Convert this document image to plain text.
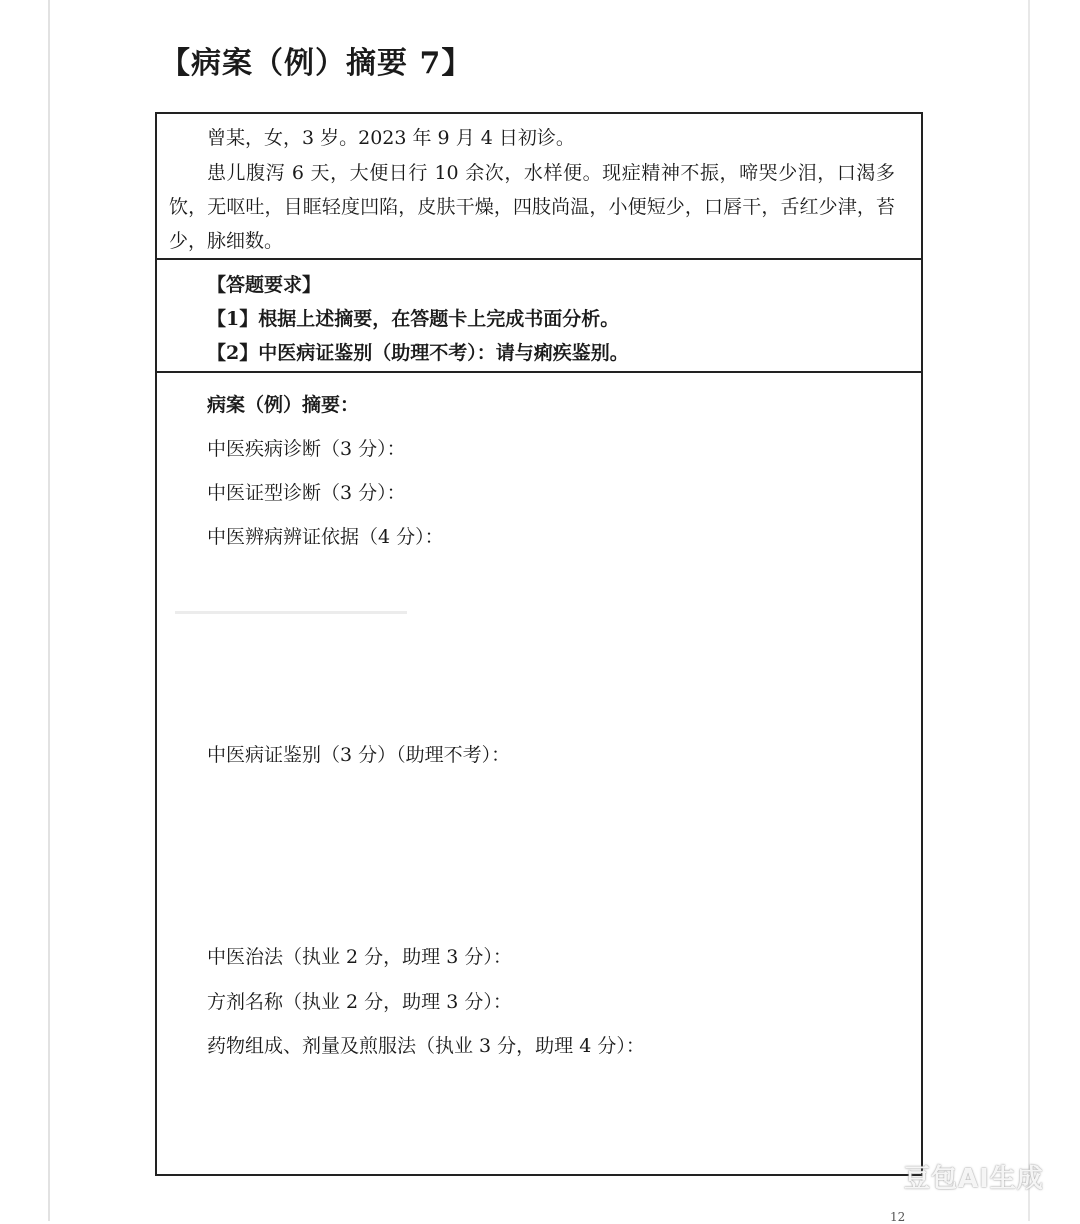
【病案（例）摘要 7】
曾某，女，3 岁。2023 年 9 月 4 日初诊。
患儿腹泻 6 天，大便日行 10 余次，水样便。现症精神不振，啼哭少泪，口渴多饮，无呕吐，目眶轻度凹陷，皮肤干燥，四肢尚温，小便短少，口唇干，舌红少津，苔少，脉细数。
【答题要求】
【1】根据上述摘要，在答题卡上完成书面分析。
【2】中医病证鉴别（助理不考）：请与痢疾鉴别。
病案（例）摘要：
中医疾病诊断（3 分）：
中医证型诊断（3 分）：
中医辨病辨证依据（4 分）：
中医病证鉴别（3 分）（助理不考）：
中医治法（执业 2 分，助理 3 分）：
方剂名称（执业 2 分，助理 3 分）：
药物组成、剂量及煎服法（执业 3 分，助理 4 分）：
豆包AI生成
12
